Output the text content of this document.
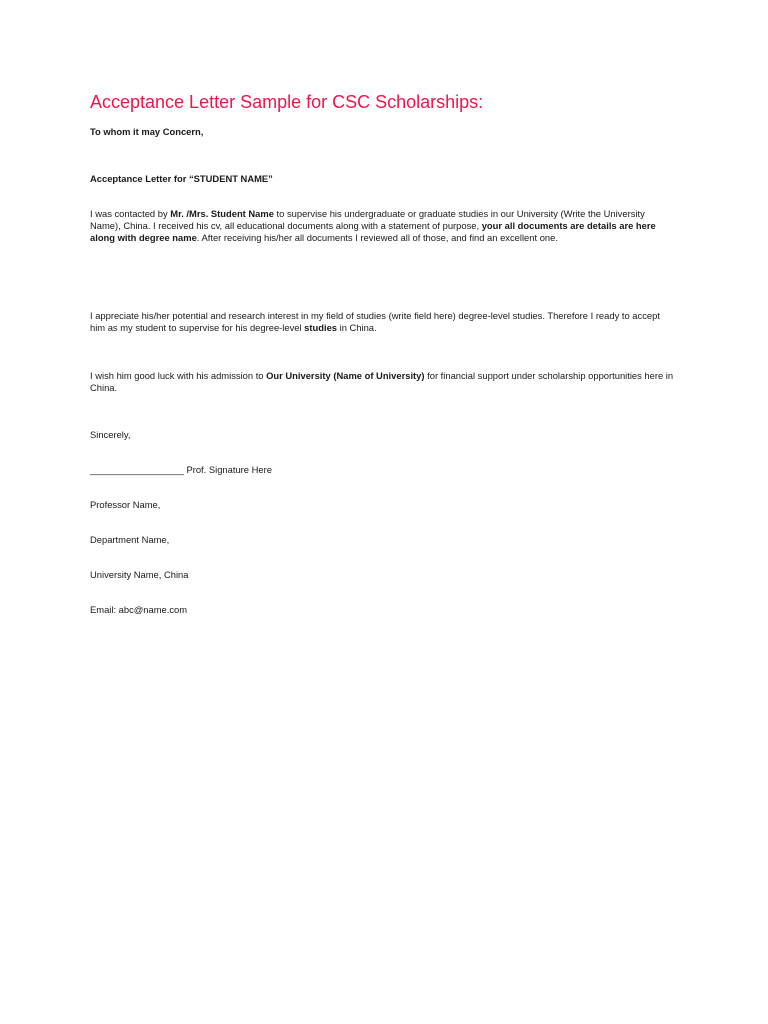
Acceptance Letter Sample for CSC Scholarships:

To whom it may Concern,

Acceptance Letter for “STUDENT NAME”

I was contacted by Mr. /Mrs. Student Name to supervise his undergraduate or graduate studies in our University (Write the University Name), China. I received his cv, all educational documents along with a statement of purpose, your all documents are details are here along with degree name. After receiving his/her all documents I reviewed all of those, and find an excellent one.

I appreciate his/her potential and research interest in my field of studies (write field here) degree-level studies. Therefore I ready to accept him as my student to supervise for his degree-level studies in China.

I wish him good luck with his admission to Our University (Name of University) for financial support under scholarship opportunities here in China.

Sincerely,

__________________ Prof. Signature Here

Professor Name,

Department Name,

University Name, China

Email: abc@name.com
